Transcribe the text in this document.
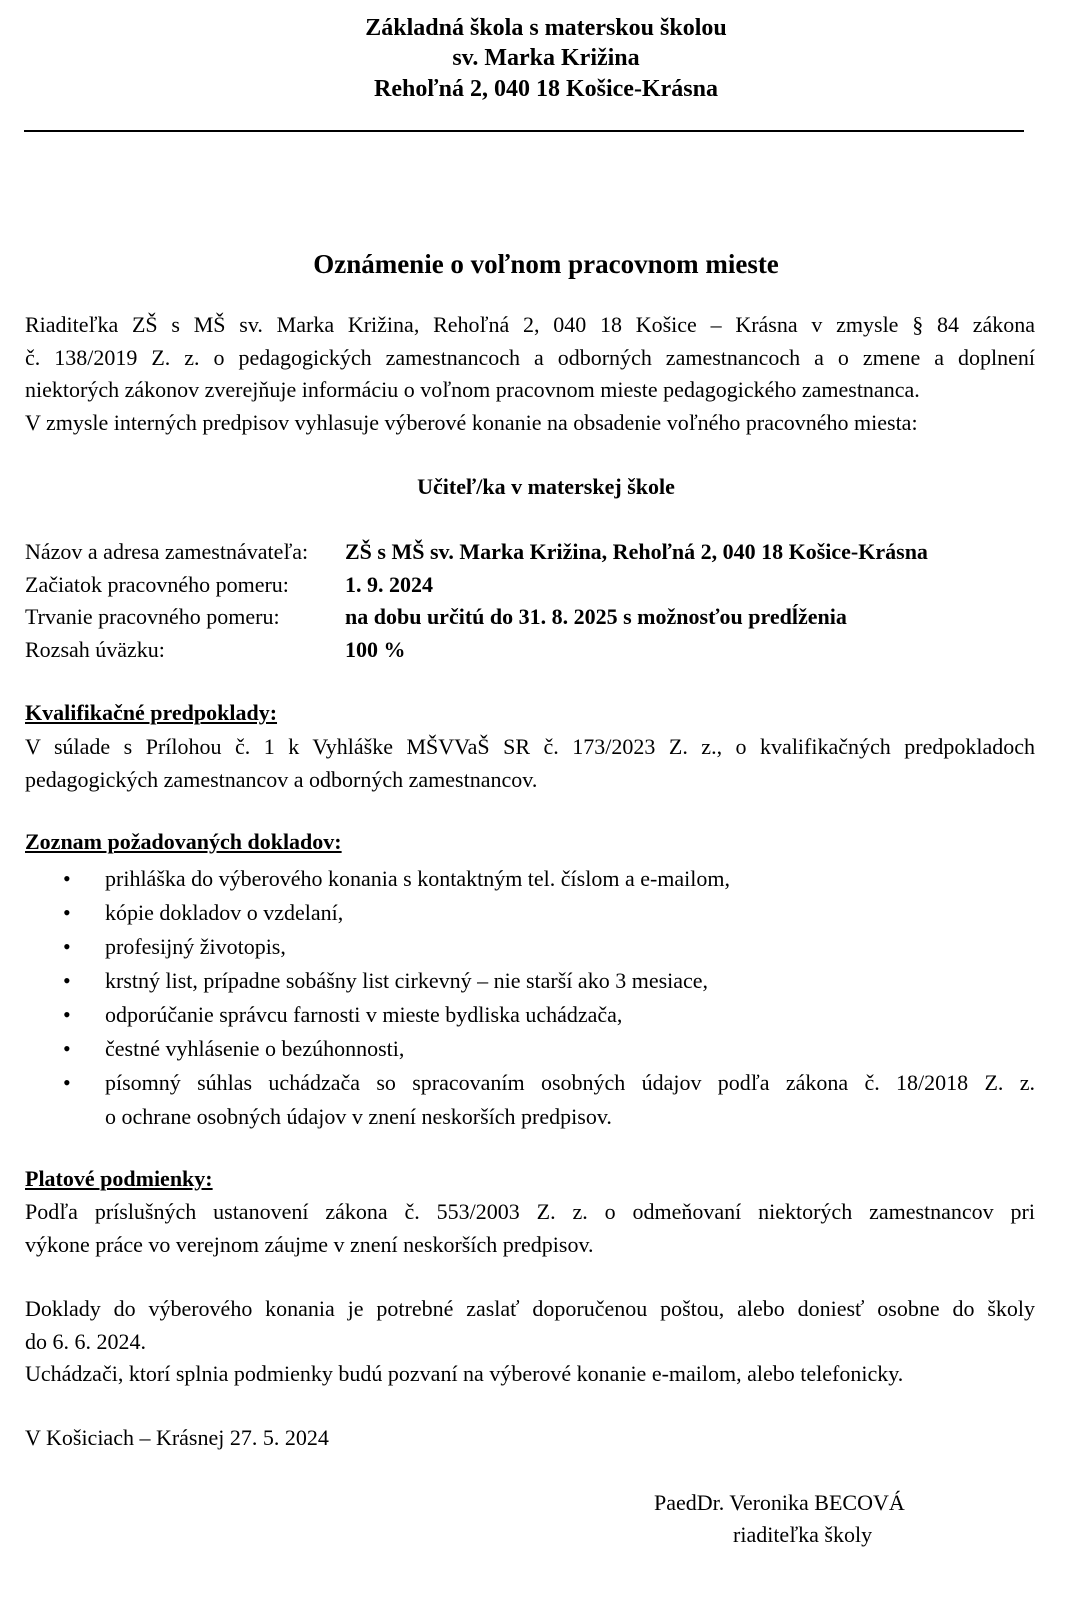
Základná škola s materskou školou
sv. Marka Križina
Rehoľná 2, 040 18 Košice-Krásna
Oznámenie o voľnom pracovnom mieste
Riaditeľka ZŠ s MŠ sv. Marka Križina, Rehoľná 2, 040 18 Košice – Krásna v zmysle § 84 zákona
č. 138/2019 Z. z. o pedagogických zamestnancoch a odborných zamestnancoch a o zmene a doplnení
niektorých zákonov zverejňuje informáciu o voľnom pracovnom mieste pedagogického zamestnanca.
V zmysle interných predpisov vyhlasuje výberové konanie na obsadenie voľného pracovného miesta:
Učiteľ/ka v materskej škole
Názov a adresa zamestnávateľa: ZŠ s MŠ sv. Marka Križina, Rehoľná 2, 040 18 Košice-Krásna
Začiatok pracovného pomeru:	1. 9. 2024
Trvanie pracovného pomeru:	na dobu určitú do 31. 8. 2025 s možnosťou predĺženia
Rozsah úväzku:	100 %
Kvalifikačné predpoklady:
V súlade s Prílohou č. 1 k Vyhláške MŠVVaŠ SR č. 173/2023 Z. z., o kvalifikačných predpokladoch
pedagogických zamestnancov a odborných zamestnancov.
Zoznam požadovaných dokladov:
• prihláška do výberového konania s kontaktným tel. číslom a e-mailom,
• kópie dokladov o vzdelaní,
• profesijný životopis,
• krstný list, prípadne sobášny list cirkevný – nie starší ako 3 mesiace,
• odporúčanie správcu farnosti v mieste bydliska uchádzača,
• čestné vyhlásenie o bezúhonnosti,
• písomný súhlas uchádzača so spracovaním osobných údajov podľa zákona č. 18/2018 Z. z.
o ochrane osobných údajov v znení neskorších predpisov.
Platové podmienky:
Podľa príslušných ustanovení zákona č. 553/2003 Z. z. o odmeňovaní niektorých zamestnancov pri
výkone práce vo verejnom záujme v znení neskorších predpisov.
Doklady do výberového konania je potrebné zaslať doporučenou poštou, alebo doniesť osobne do školy
do 6. 6. 2024.
Uchádzači, ktorí splnia podmienky budú pozvaní na výberové konanie e-mailom, alebo telefonicky.
V Košiciach – Krásnej 27. 5. 2024
PaedDr. Veronika BECOVÁ
riaditeľka školy
